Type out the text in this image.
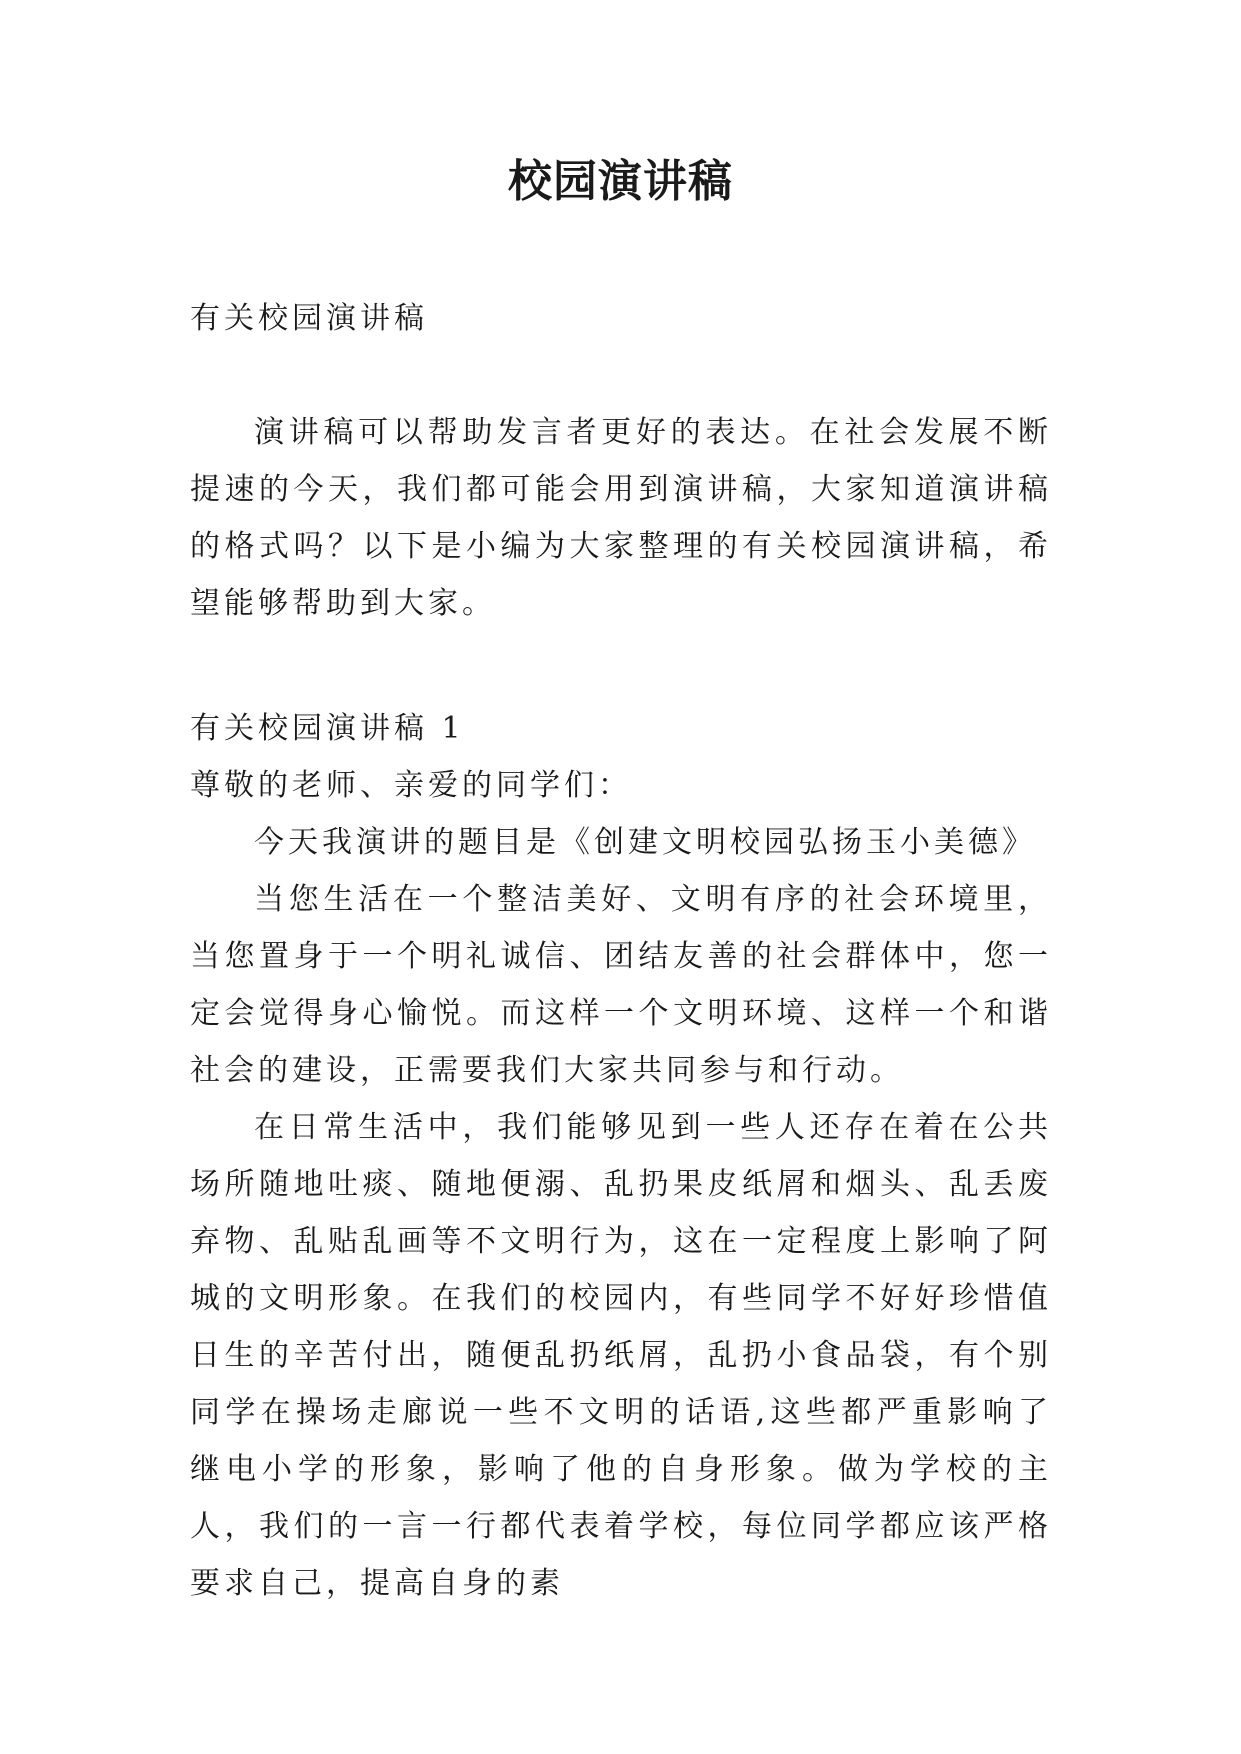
校园演讲稿

有关校园演讲稿

演讲稿可以帮助发言者更好的表达。在社会发展不断提速的今天，我们都可能会用到演讲稿，大家知道演讲稿的格式吗？以下是小编为大家整理的有关校园演讲稿，希望能够帮助到大家。

有关校园演讲稿 1

尊敬的老师、亲爱的同学们：

今天我演讲的题目是《创建文明校园弘扬玉小美德》

当您生活在一个整洁美好、文明有序的社会环境里，当您置身于一个明礼诚信、团结友善的社会群体中，您一定会觉得身心愉悦。而这样一个文明环境、这样一个和谐社会的建设，正需要我们大家共同参与和行动。

在日常生活中，我们能够见到一些人还存在着在公共场所随地吐痰、随地便溺、乱扔果皮纸屑和烟头、乱丢废弃物、乱贴乱画等不文明行为，这在一定程度上影响了阿城的文明形象。在我们的校园内，有些同学不好好珍惜值日生的辛苦付出，随便乱扔纸屑，乱扔小食品袋，有个别同学在操场走廊说一些不文明的话语,这些都严重影响了继电小学的形象，影响了他的自身形象。做为学校的主人，我们的一言一行都代表着学校，每位同学都应该严格要求自己，提高自身的素
